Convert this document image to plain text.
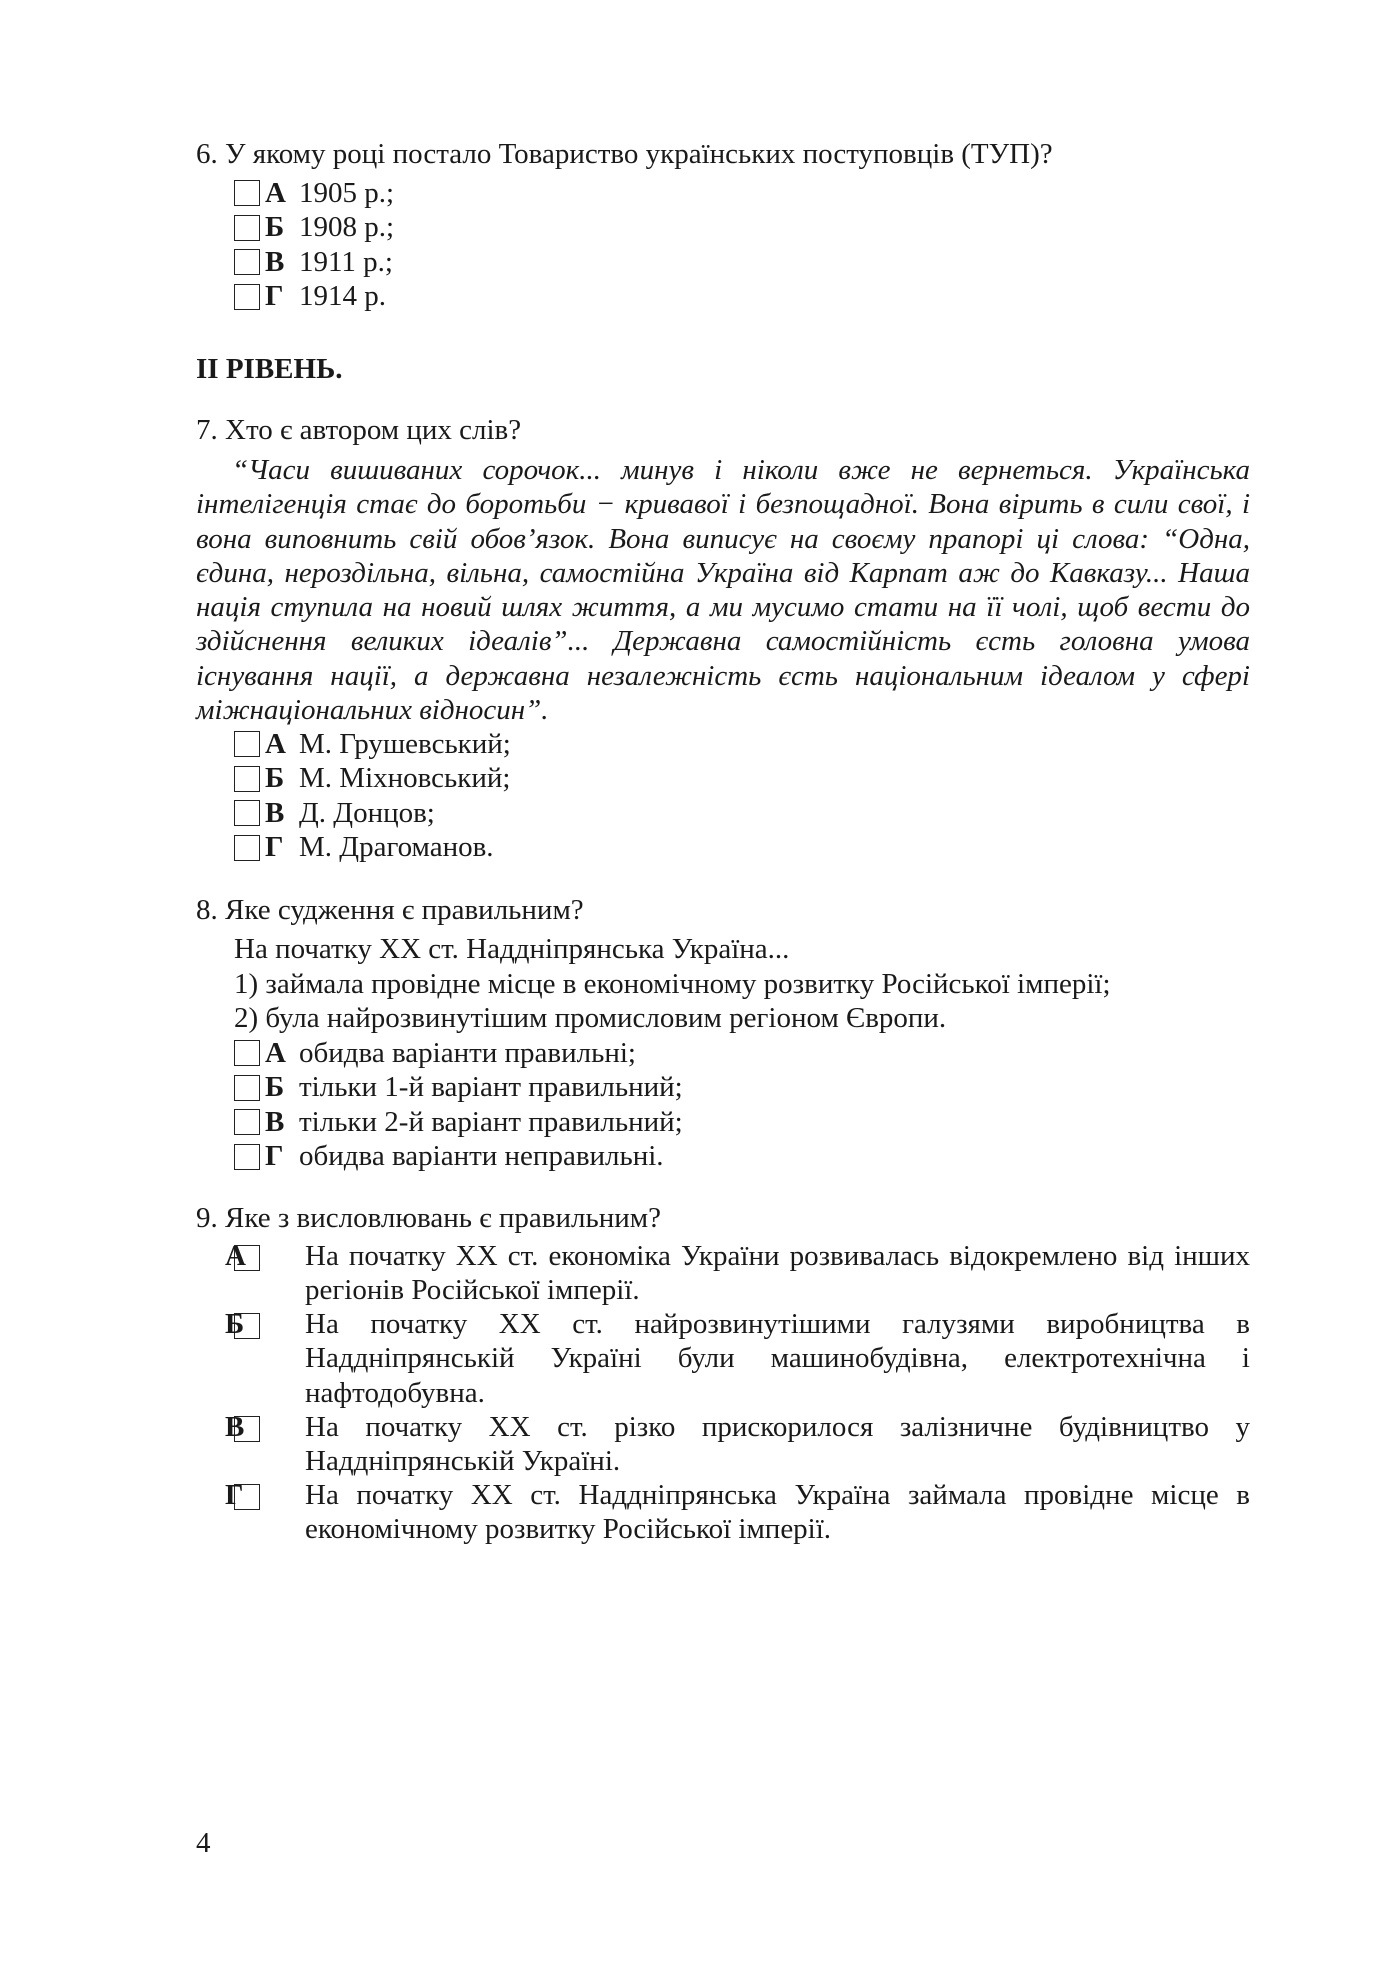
6. У якому році постало Товариство українських поступовців (ТУП)?
А 1905 р.;
Б 1908 р.;
В 1911 р.;
Г 1914 р.
ІІ РІВЕНЬ.
7. Хто є автором цих слів?

“Часи вишиваних сорочок... минув і ніколи вже не вернеться. Українська інтелігенція стає до боротьби − кривавої і безпощадної. Вона вірить в сили свої, і вона виповнить свій обов’язок. Вона виписує на своєму прапорі ці слова: “Одна, єдина, нероздільна, вільна, самостійна Україна від Карпат аж до Кавказу... Наша нація ступила на новий шлях життя, а ми мусимо стати на її чолі, щоб вести до здійснення великих ідеалів”... Державна самостійність єсть головна умова існування нації, а державна незалежність єсть національним ідеалом у сфері міжнаціональних відносин”.

А М. Грушевський;
Б М. Міхновський;
В Д. Донцов;
Г М. Драгоманов.
8. Яке судження є правильним?
На початку ХХ ст. Наддніпрянська Україна...
1) займала провідне місце в економічному розвитку Російської імперії;
2) була найрозвинутішим промисловим регіоном Європи.
А обидва варіанти правильні;
Б тільки 1-й варіант правильний;
В тільки 2-й варіант правильний;
Г обидва варіанти неправильні.
9. Яке з висловлювань є правильним?
А На початку ХХ ст. економіка України розвивалась відокремлено від інших регіонів Російської імперії.
Б На початку ХХ ст. найрозвинутішими галузями виробництва в Наддніпрянській Україні були машинобудівна, електротехнічна і нафтодобувна.
В На початку ХХ ст. різко прискорилося залізничне будівництво у Наддніпрянській Україні.
Г На початку ХХ ст. Наддніпрянська Україна займала провідне місце в економічному розвитку Російської імперії.
4
